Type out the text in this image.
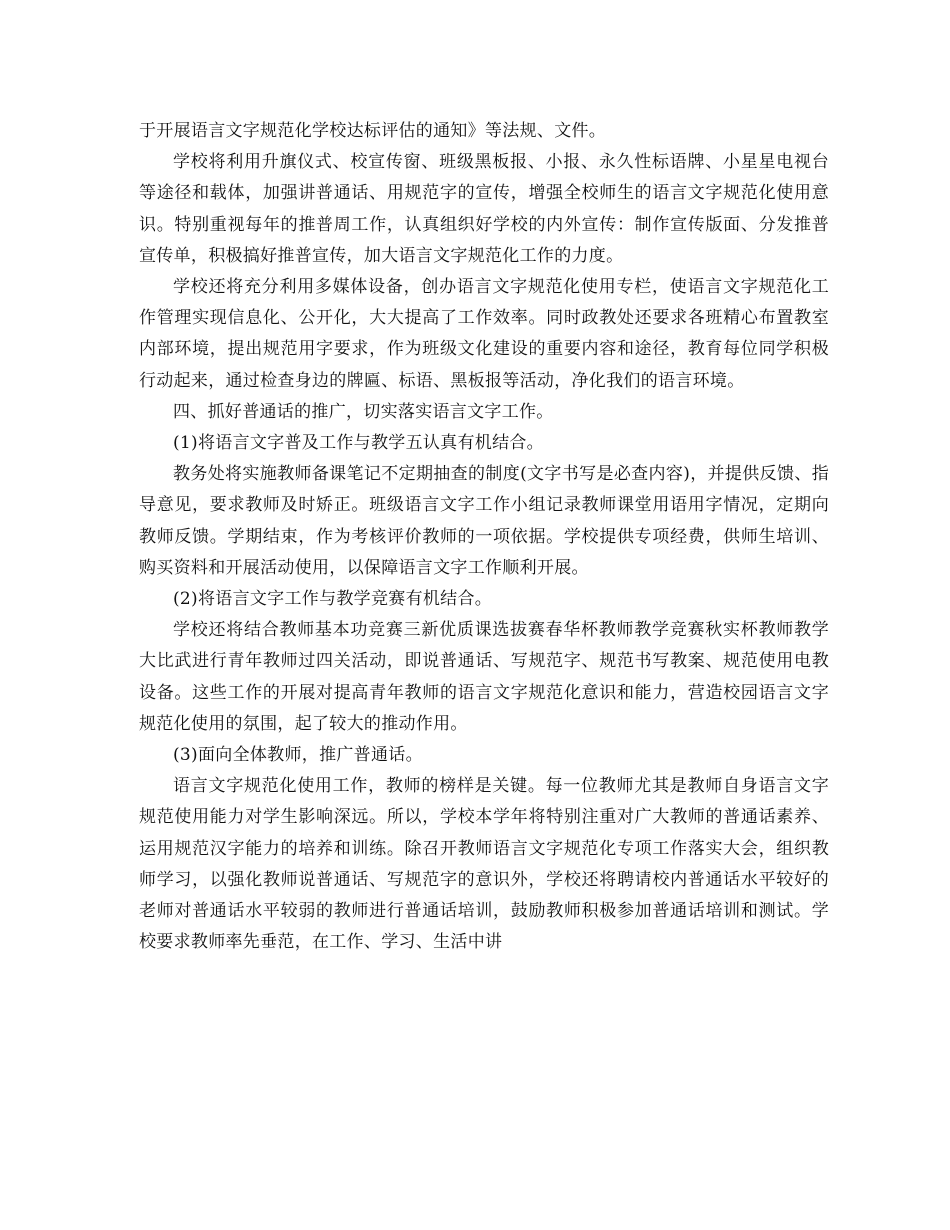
于开展语言文字规范化学校达标评估的通知》等法规、文件。

学校将利用升旗仪式、校宣传窗、班级黑板报、小报、永久性标语牌、小星星电视台等途径和载体，加强讲普通话、用规范字的宣传，增强全校师生的语言文字规范化使用意识。特别重视每年的推普周工作，认真组织好学校的内外宣传：制作宣传版面、分发推普宣传单，积极搞好推普宣传，加大语言文字规范化工作的力度。

学校还将充分利用多媒体设备，创办语言文字规范化使用专栏，使语言文字规范化工作管理实现信息化、公开化，大大提高了工作效率。同时政教处还要求各班精心布置教室内部环境，提出规范用字要求，作为班级文化建设的重要内容和途径，教育每位同学积极行动起来，通过检查身边的牌匾、标语、黑板报等活动，净化我们的语言环境。

四、抓好普通话的推广，切实落实语言文字工作。

(1)将语言文字普及工作与教学五认真有机结合。

教务处将实施教师备课笔记不定期抽查的制度(文字书写是必查内容)，并提供反馈、指导意见，要求教师及时矫正。班级语言文字工作小组记录教师课堂用语用字情况，定期向教师反馈。学期结束，作为考核评价教师的一项依据。学校提供专项经费，供师生培训、购买资料和开展活动使用，以保障语言文字工作顺利开展。

(2)将语言文字工作与教学竞赛有机结合。

学校还将结合教师基本功竞赛三新优质课选拔赛春华杯教师教学竞赛秋实杯教师教学大比武进行青年教师过四关活动，即说普通话、写规范字、规范书写教案、规范使用电教设备。这些工作的开展对提高青年教师的语言文字规范化意识和能力，营造校园语言文字规范化使用的氛围，起了较大的推动作用。

(3)面向全体教师，推广普通话。

语言文字规范化使用工作，教师的榜样是关键。每一位教师尤其是教师自身语言文字规范使用能力对学生影响深远。所以，学校本学年将特别注重对广大教师的普通话素养、运用规范汉字能力的培养和训练。除召开教师语言文字规范化专项工作落实大会，组织教师学习，以强化教师说普通话、写规范字的意识外，学校还将聘请校内普通话水平较好的老师对普通话水平较弱的教师进行普通话培训，鼓励教师积极参加普通话培训和测试。学校要求教师率先垂范，在工作、学习、生活中讲
